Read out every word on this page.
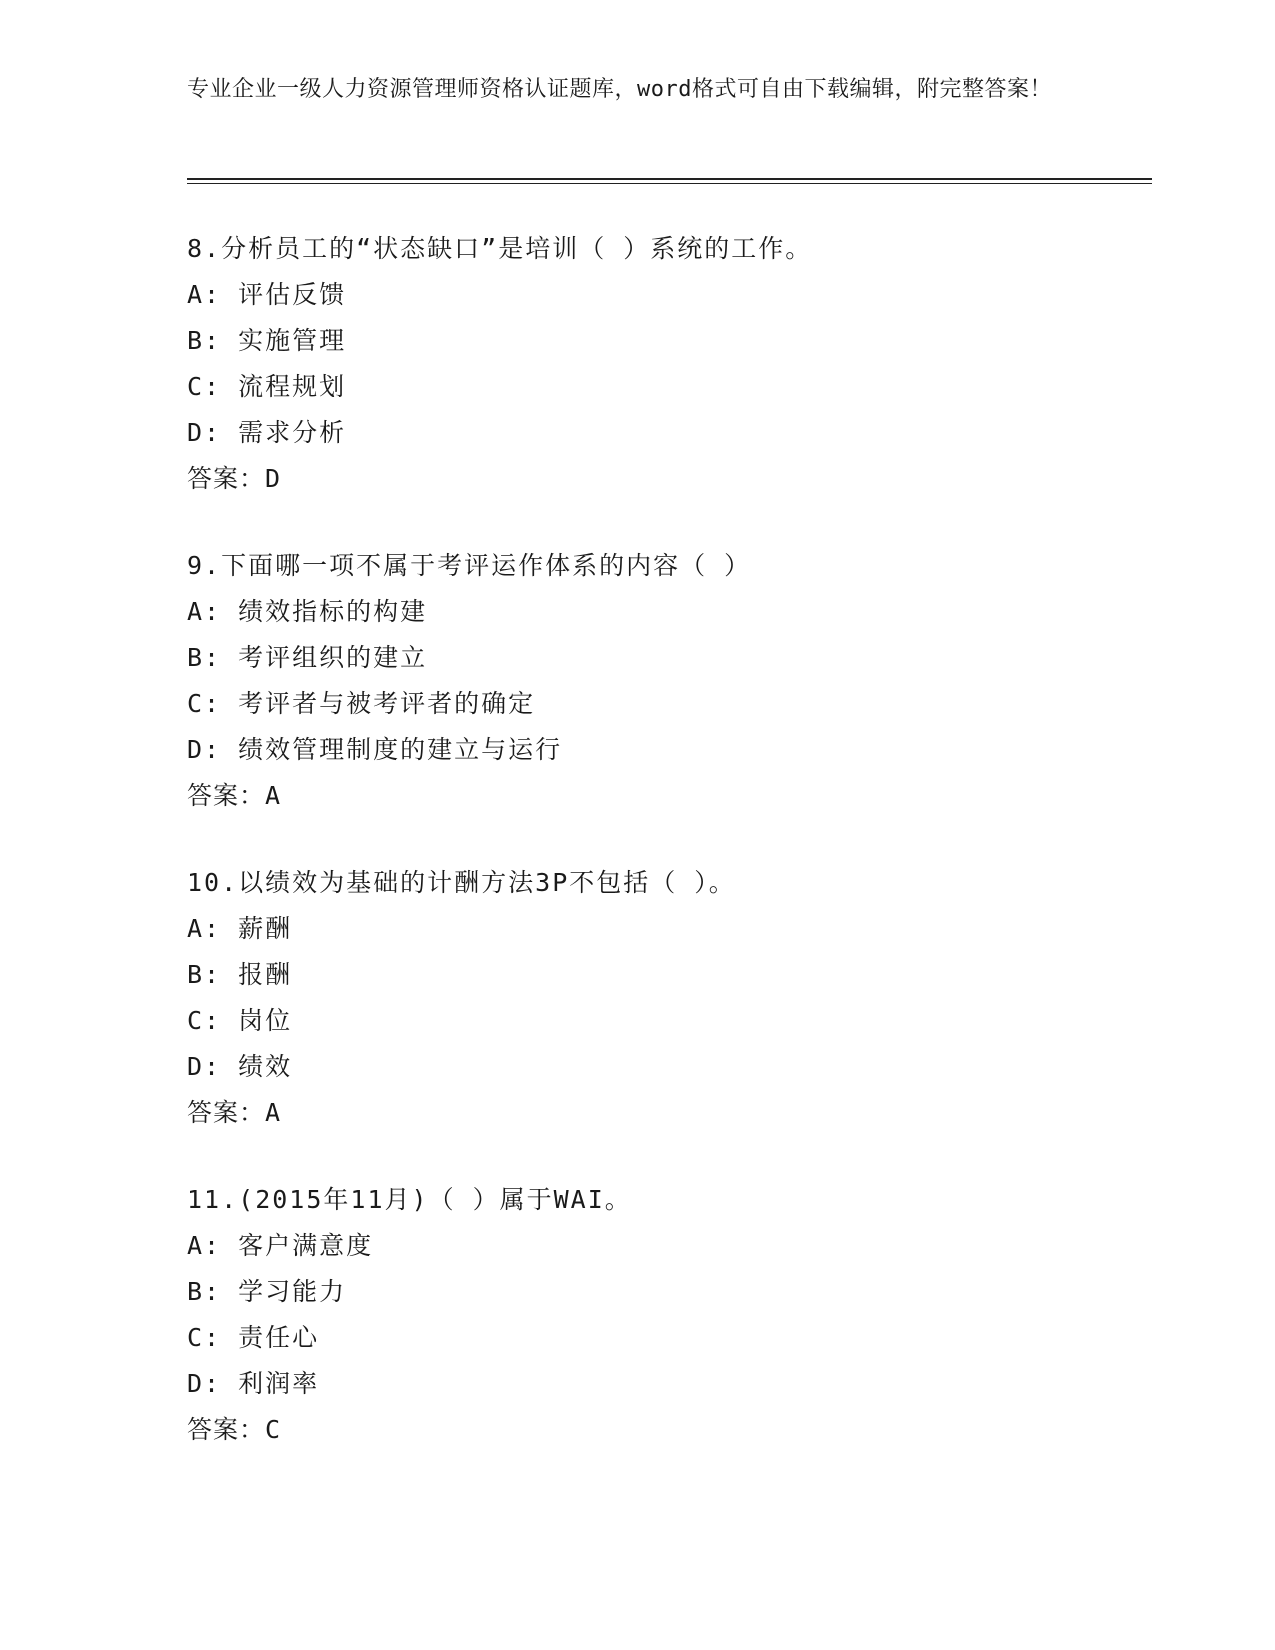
专业企业一级人力资源管理师资格认证题库，word格式可自由下载编辑，附完整答案！
8.分析员工的“状态缺口”是培训（ ）系统的工作。
A: 评估反馈
B: 实施管理
C: 流程规划
D: 需求分析
答案：D
9.下面哪一项不属于考评运作体系的内容（ ）
A: 绩效指标的构建
B: 考评组织的建立
C: 考评者与被考评者的确定
D: 绩效管理制度的建立与运行
答案：A
10.以绩效为基础的计酬方法3P不包括（ ）。
A: 薪酬
B: 报酬
C: 岗位
D: 绩效
答案：A
11.(2015年11月)（ ）属于WAI。
A: 客户满意度
B: 学习能力
C: 责任心
D: 利润率
答案：C
